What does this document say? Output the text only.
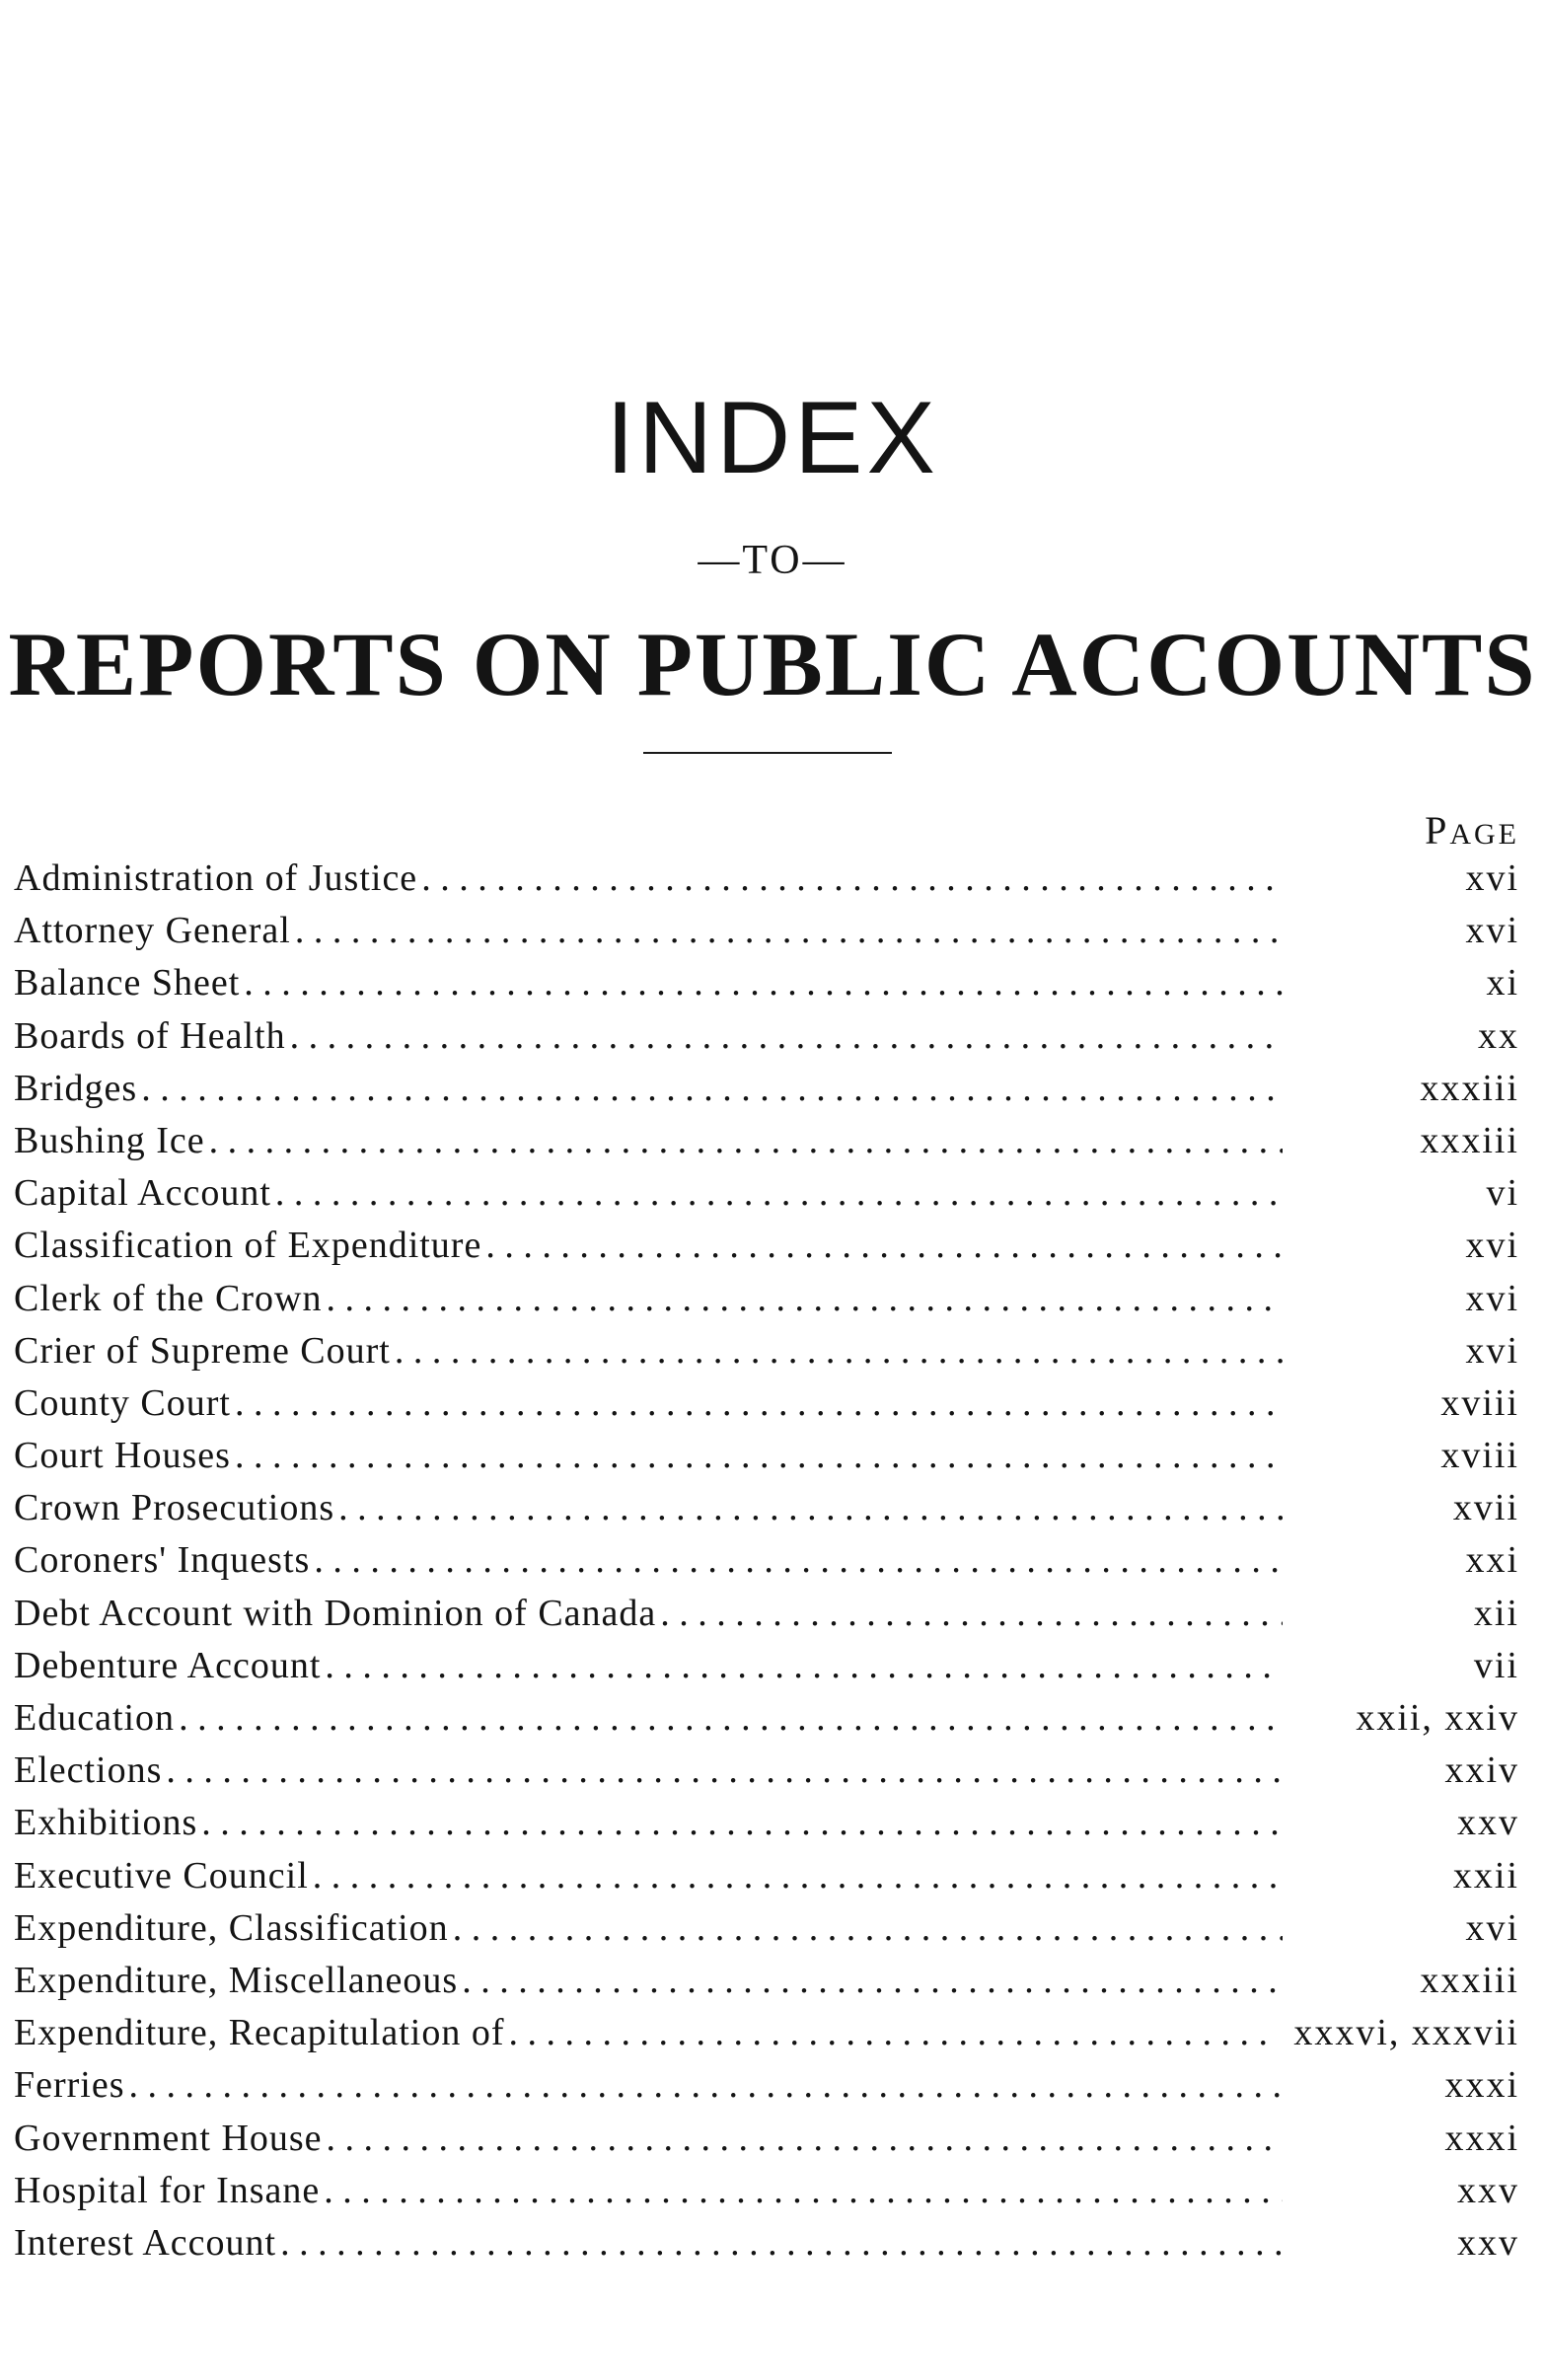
INDEX
—TO—
REPORTS ON PUBLIC ACCOUNTS
PAGE
Administration of Justice . . .	xvi
Attorney General . . .	xvi
Balance Sheet . . .	xi
Boards of Health . . .	xx
Bridges . . .	xxxiii
Bushing Ice . . .	xxxiii
Capital Account . . .	vi
Classification of Expenditure . . .	xvi
Clerk of the Crown . . .	xvi
Crier of Supreme Court . . .	xvi
County Court . . .	xviii
Court Houses . . .	xviii
Crown Prosecutions . . .	xvii
Coroners' Inquests . . .	xxi
Debt Account with Dominion of Canada . . .	xii
Debenture Account . . .	vii
Education . . .	xxii, xxiv
Elections . . .	xxiv
Exhibitions . . .	xxv
Executive Council . . .	xxii
Expenditure, Classification . . .	xvi
Expenditure, Miscellaneous . . .	xxxiii
Expenditure, Recapitulation of . . .	xxxvi, xxxvii
Ferries . . .	xxxi
Government House . . .	xxxi
Hospital for Insane . . .	xxv
Interest Account . . .	xxv
